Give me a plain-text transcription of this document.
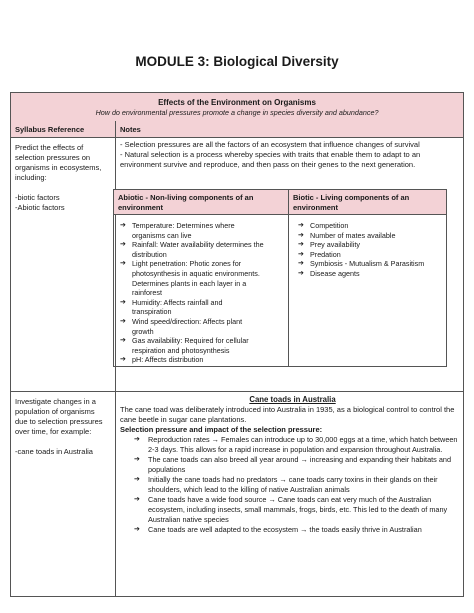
MODULE 3: Biological Diversity
Effects of the Environment on Organisms
How do environmental pressures promote a change in species diversity and abundance?
Syllabus Reference	Notes
Predict the effects of
selection pressures on
organisms in ecosystems,
including:
-biotic factors
-Abiotic factors
- Selection pressures are all the factors of an ecosystem that influence changes of survival
- Natural selection is a process whereby species with traits that enable them to adapt to an
environment survive and reproduce, and then pass on their genes to the next generation.
Investigate changes in a
population of organisms
due to selection pressures
over time, for example:
-cane toads in Australia
Cane toads in Australia
The cane toad was deliberately introduced into Australia in 1935, as a biological control to control the cane beetle in sugar cane plantations.
Selection pressure and impact of the selection pressure:
➔ Reproduction rates → Females can introduce up to 30,000 eggs at a time, which hatch between 2-3 days. This allows for a rapid increase in population and expansion throughout Australia.
➔ The cane toads can also breed all year around → increasing and expanding their habitats and populations
➔ Initially the cane toads had no predators → cane toads carry toxins in their glands on their shoulders, which lead to the killing of native Australian animals
➔ Cane toads have a wide food source → Cane toads can eat very much of the Australian ecosystem, including insects, small mammals, frogs, birds, etc. This led to the death of many Australian native species
➔ Cane toads are well adapted to the ecosystem → the toads easily thrive in Australian
Abiotic - Non-living components of an environment
Biotic - Living components of an environment
➔ Temperature: Determines where organisms can live
➔ Rainfall: Water availability determines the distribution
➔ Light penetration: Photic zones for photosynthesis in aquatic environments. Determines plants in each layer in a rainforest
➔ Humidity: Affects rainfall and transpiration
➔ Wind speed/direction: Affects plant growth
➔ Gas availability: Required for cellular respiration and photosynthesis
➔ pH: Affects distribution
➔ Competition
➔ Number of mates available
➔ Prey availability
➔ Predation
➔ Symbiosis - Mutualism & Parasitism
➔ Disease agents
